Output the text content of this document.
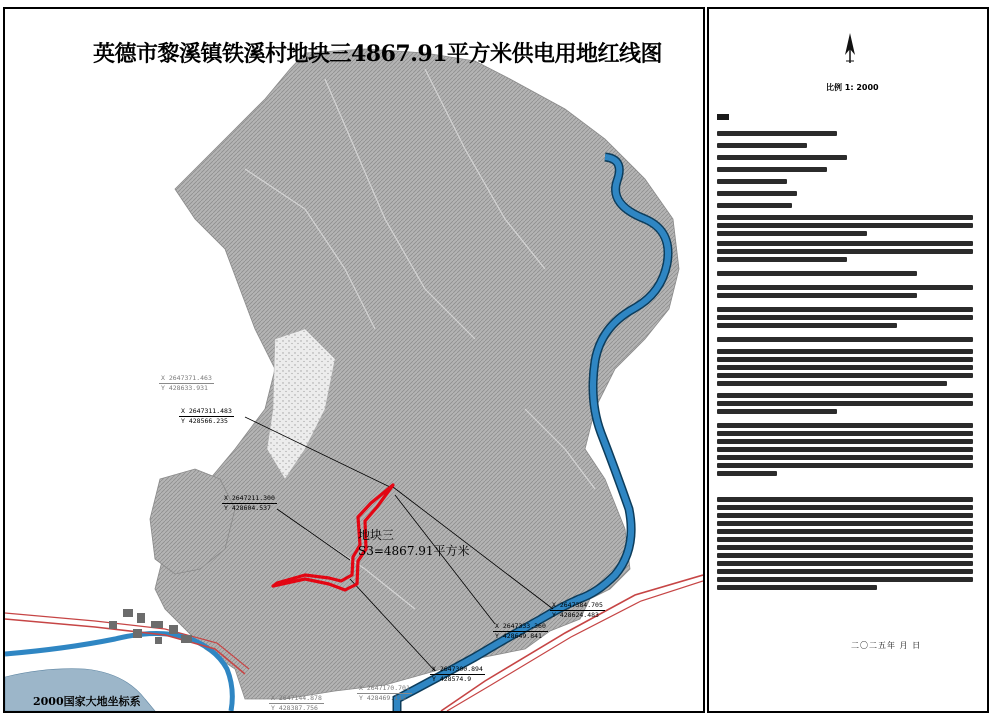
英德市黎溪镇铁溪村地块三4867.91平方米供电用地红线图
X 2647311.483
Y 428566.235
X 2647211.300
Y 428604.537
X 2647384.705
Y 428624.483
X 2647333.360
Y 428649.841
X 2647300.894
Y 428574.9
X 2647371.463
Y 428633.931
X 2647170.701
Y 428469.113
X 2647144.878
Y 428387.756
地块三
S3=4867.91平方米
2000国家大地坐标系
比例 1: 2000
二〇二五年 月 日
